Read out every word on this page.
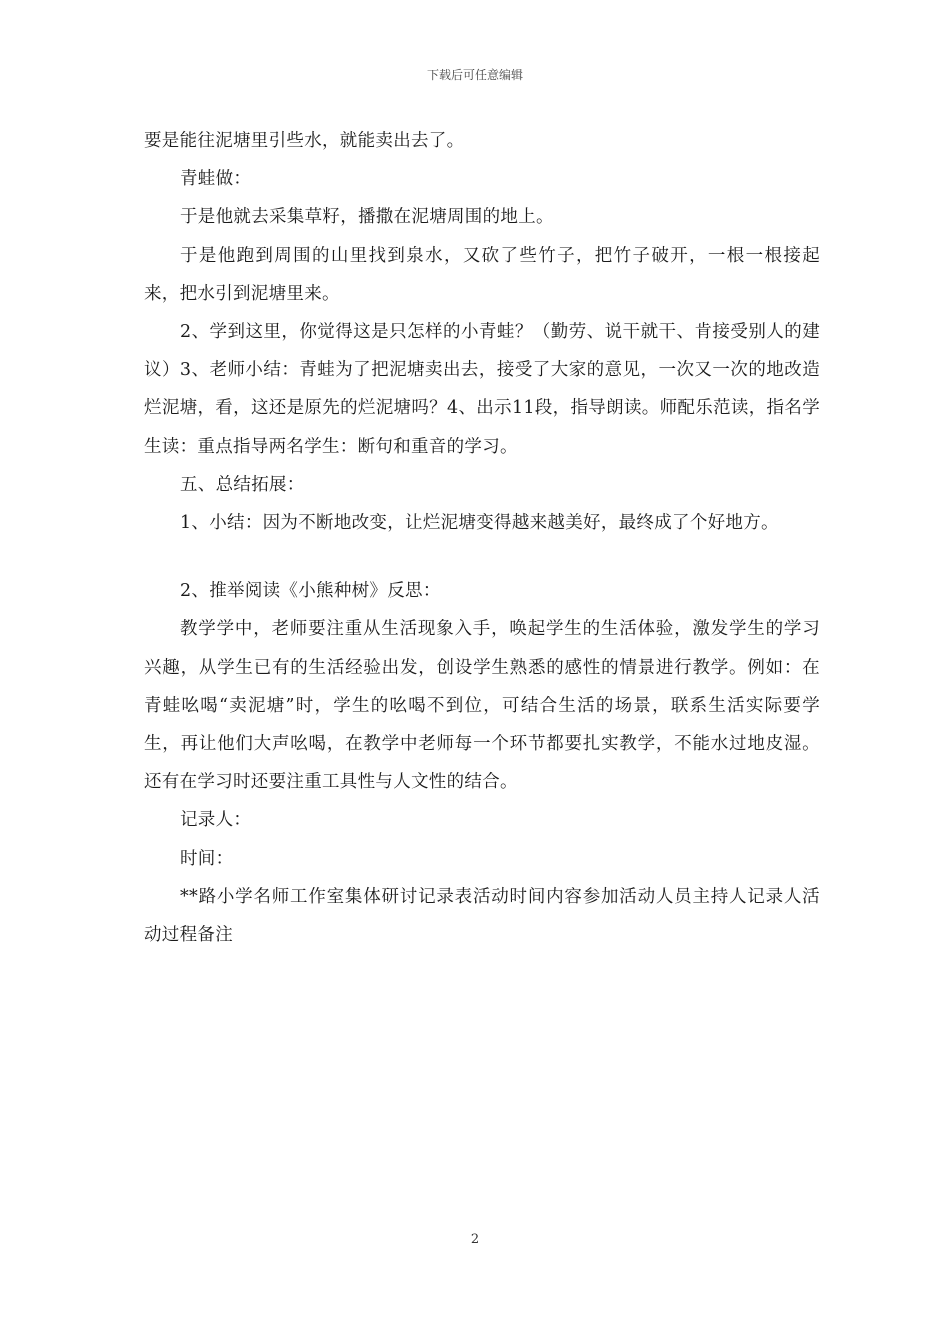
下载后可任意编辑

要是能往泥塘里引些水，就能卖出去了。

青蛙做：

于是他就去采集草籽，播撒在泥塘周围的地上。

于是他跑到周围的山里找到泉水，又砍了些竹子，把竹子破开，一根一根接起来，把水引到泥塘里来。

2、学到这里，你觉得这是只怎样的小青蛙？（勤劳、说干就干、肯接受别人的建议）3、老师小结：青蛙为了把泥塘卖出去，接受了大家的意见，一次又一次的地改造烂泥塘，看，这还是原先的烂泥塘吗？4、出示11段，指导朗读。师配乐范读，指名学生读：重点指导两名学生：断句和重音的学习。

五、总结拓展：

1、小结：因为不断地改变，让烂泥塘变得越来越美好，最终成了个好地方。

2、推举阅读《小熊种树》反思：

教学学中，老师要注重从生活现象入手，唤起学生的生活体验，激发学生的学习兴趣，从学生已有的生活经验出发，创设学生熟悉的感性的情景进行教学。例如：在青蛙吆喝“卖泥塘”时，学生的吆喝不到位，可结合生活的场景，联系生活实际要学生，再让他们大声吆喝，在教学中老师每一个环节都要扎实教学，不能水过地皮湿。还有在学习时还要注重工具性与人文性的结合。

记录人：

时间：

**路小学名师工作室集体研讨记录表活动时间内容参加活动人员主持人记录人活动过程备注

2
